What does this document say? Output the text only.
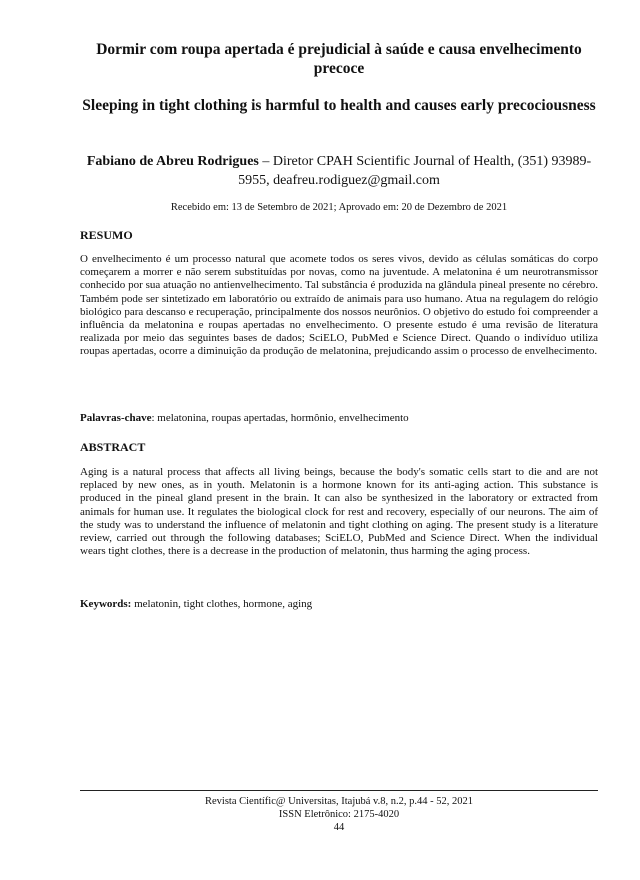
Dormir com roupa apertada é prejudicial à saúde e causa envelhecimento precoce
Sleeping in tight clothing is harmful to health and causes early precociousness
Fabiano de Abreu Rodrigues – Diretor CPAH Scientific Journal of Health, (351) 93989-5955, deafreu.rodiguez@gmail.com
Recebido em: 13 de Setembro de 2021; Aprovado em: 20 de Dezembro de 2021
RESUMO

O envelhecimento é um processo natural que acomete todos os seres vivos, devido as células somáticas do corpo começarem a morrer e não serem substituídas por novas, como na juventude. A melatonina é um neurotransmissor conhecido por sua atuação no antienvelhecimento. Tal substância é produzida na glândula pineal presente no cérebro. Também pode ser sintetizado em laboratório ou extraído de animais para uso humano. Atua na regulagem do relógio biológico para descanso e recuperação, principalmente dos nossos neurônios. O objetivo do estudo foi compreender a influência da melatonina e roupas apertadas no envelhecimento. O presente estudo é uma revisão de literatura realizada por meio das seguintes bases de dados; SciELO, PubMed e Science Direct. Quando o indivíduo utiliza roupas apertadas, ocorre a diminuição da produção de melatonina, prejudicando assim o processo de envelhecimento.

Palavras-chave: melatonina, roupas apertadas, hormônio, envelhecimento
ABSTRACT

Aging is a natural process that affects all living beings, because the body's somatic cells start to die and are not replaced by new ones, as in youth. Melatonin is a hormone known for its anti-aging action. This substance is produced in the pineal gland present in the brain. It can also be synthesized in the laboratory or extracted from animals for human use. It regulates the biological clock for rest and recovery, especially of our neurons. The aim of the study was to understand the influence of melatonin and tight clothing on aging. The present study is a literature review, carried out through the following databases; SciELO, PubMed and Science Direct. When the individual wears tight clothes, there is a decrease in the production of melatonin, thus harming the aging process.

Keywords: melatonin, tight clothes, hormone, aging
Revista Científic@ Universitas, Itajubá v.8, n.2, p.44 - 52, 2021
ISSN Eletrônico: 2175-4020
44
